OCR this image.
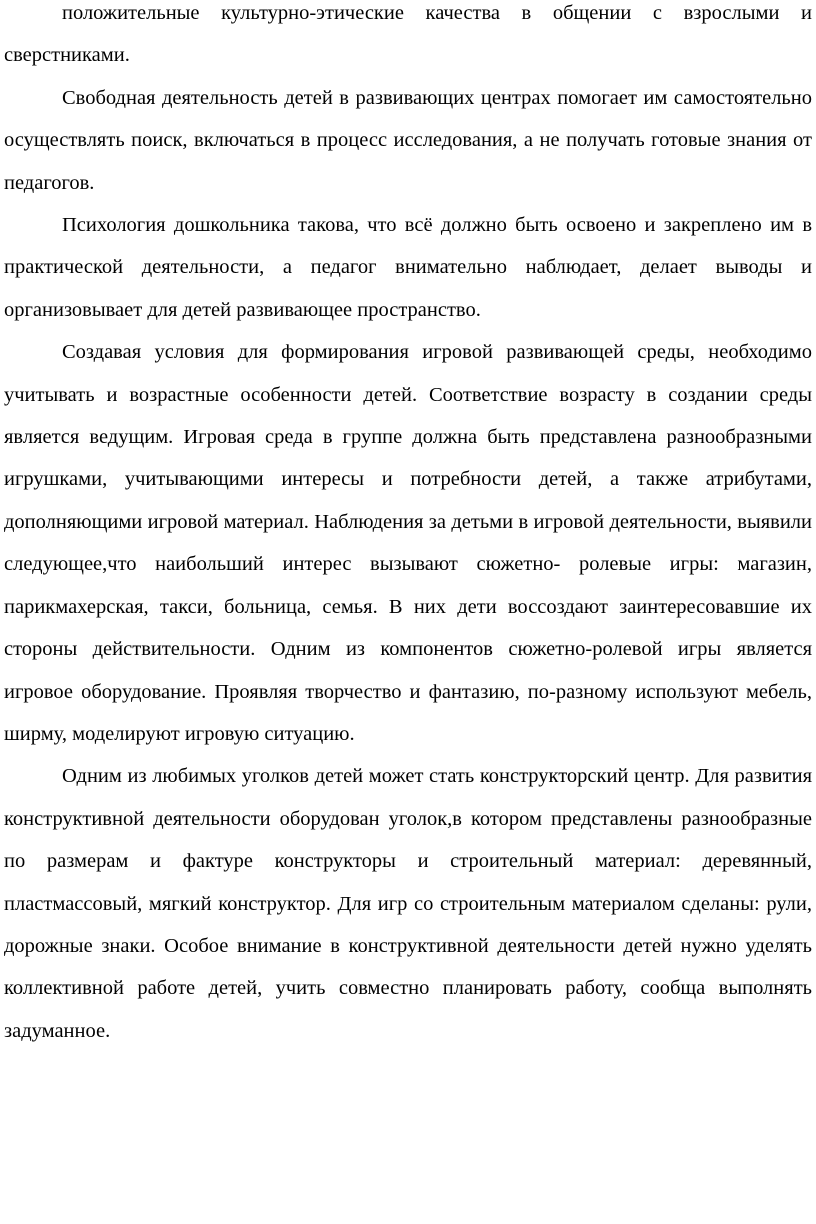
положительные культурно-этические качества в общении с взрослыми и сверстниками.

Свободная деятельность детей в развивающих центрах помогает им самостоятельно осуществлять поиск, включаться в процесс исследования, а не получать готовые знания от педагогов.

Психология дошкольника такова, что всё должно быть освоено и закреплено им в практической деятельности, а педагог внимательно наблюдает, делает выводы и организовывает для детей развивающее пространство.

Создавая условия для формирования игровой развивающей среды, необходимо учитывать и возрастные особенности детей. Соответствие возрасту в создании среды является ведущим. Игровая среда в группе должна быть представлена разнообразными игрушками, учитывающими интересы и потребности детей, а также атрибутами, дополняющими игровой материал. Наблюдения за детьми в игровой деятельности, выявили следующее,что наибольший интерес вызывают сюжетно- ролевые игры: магазин, парикмахерская, такси, больница, семья. В них дети воссоздают заинтересовавшие их стороны действительности. Одним из компонентов сюжетно-ролевой игры является игровое оборудование. Проявляя творчество и фантазию, по-разному используют мебель, ширму, моделируют игровую ситуацию.

Одним из любимых уголков детей может стать конструкторский центр. Для развития конструктивной деятельности оборудован уголок,в котором представлены разнообразные по размерам и фактуре конструкторы и строительный материал: деревянный, пластмассовый, мягкий конструктор. Для игр со строительным материалом сделаны: рули, дорожные знаки. Особое внимание в конструктивной деятельности детей нужно уделять коллективной работе детей, учить совместно планировать работу, сообща выполнять задуманное.
